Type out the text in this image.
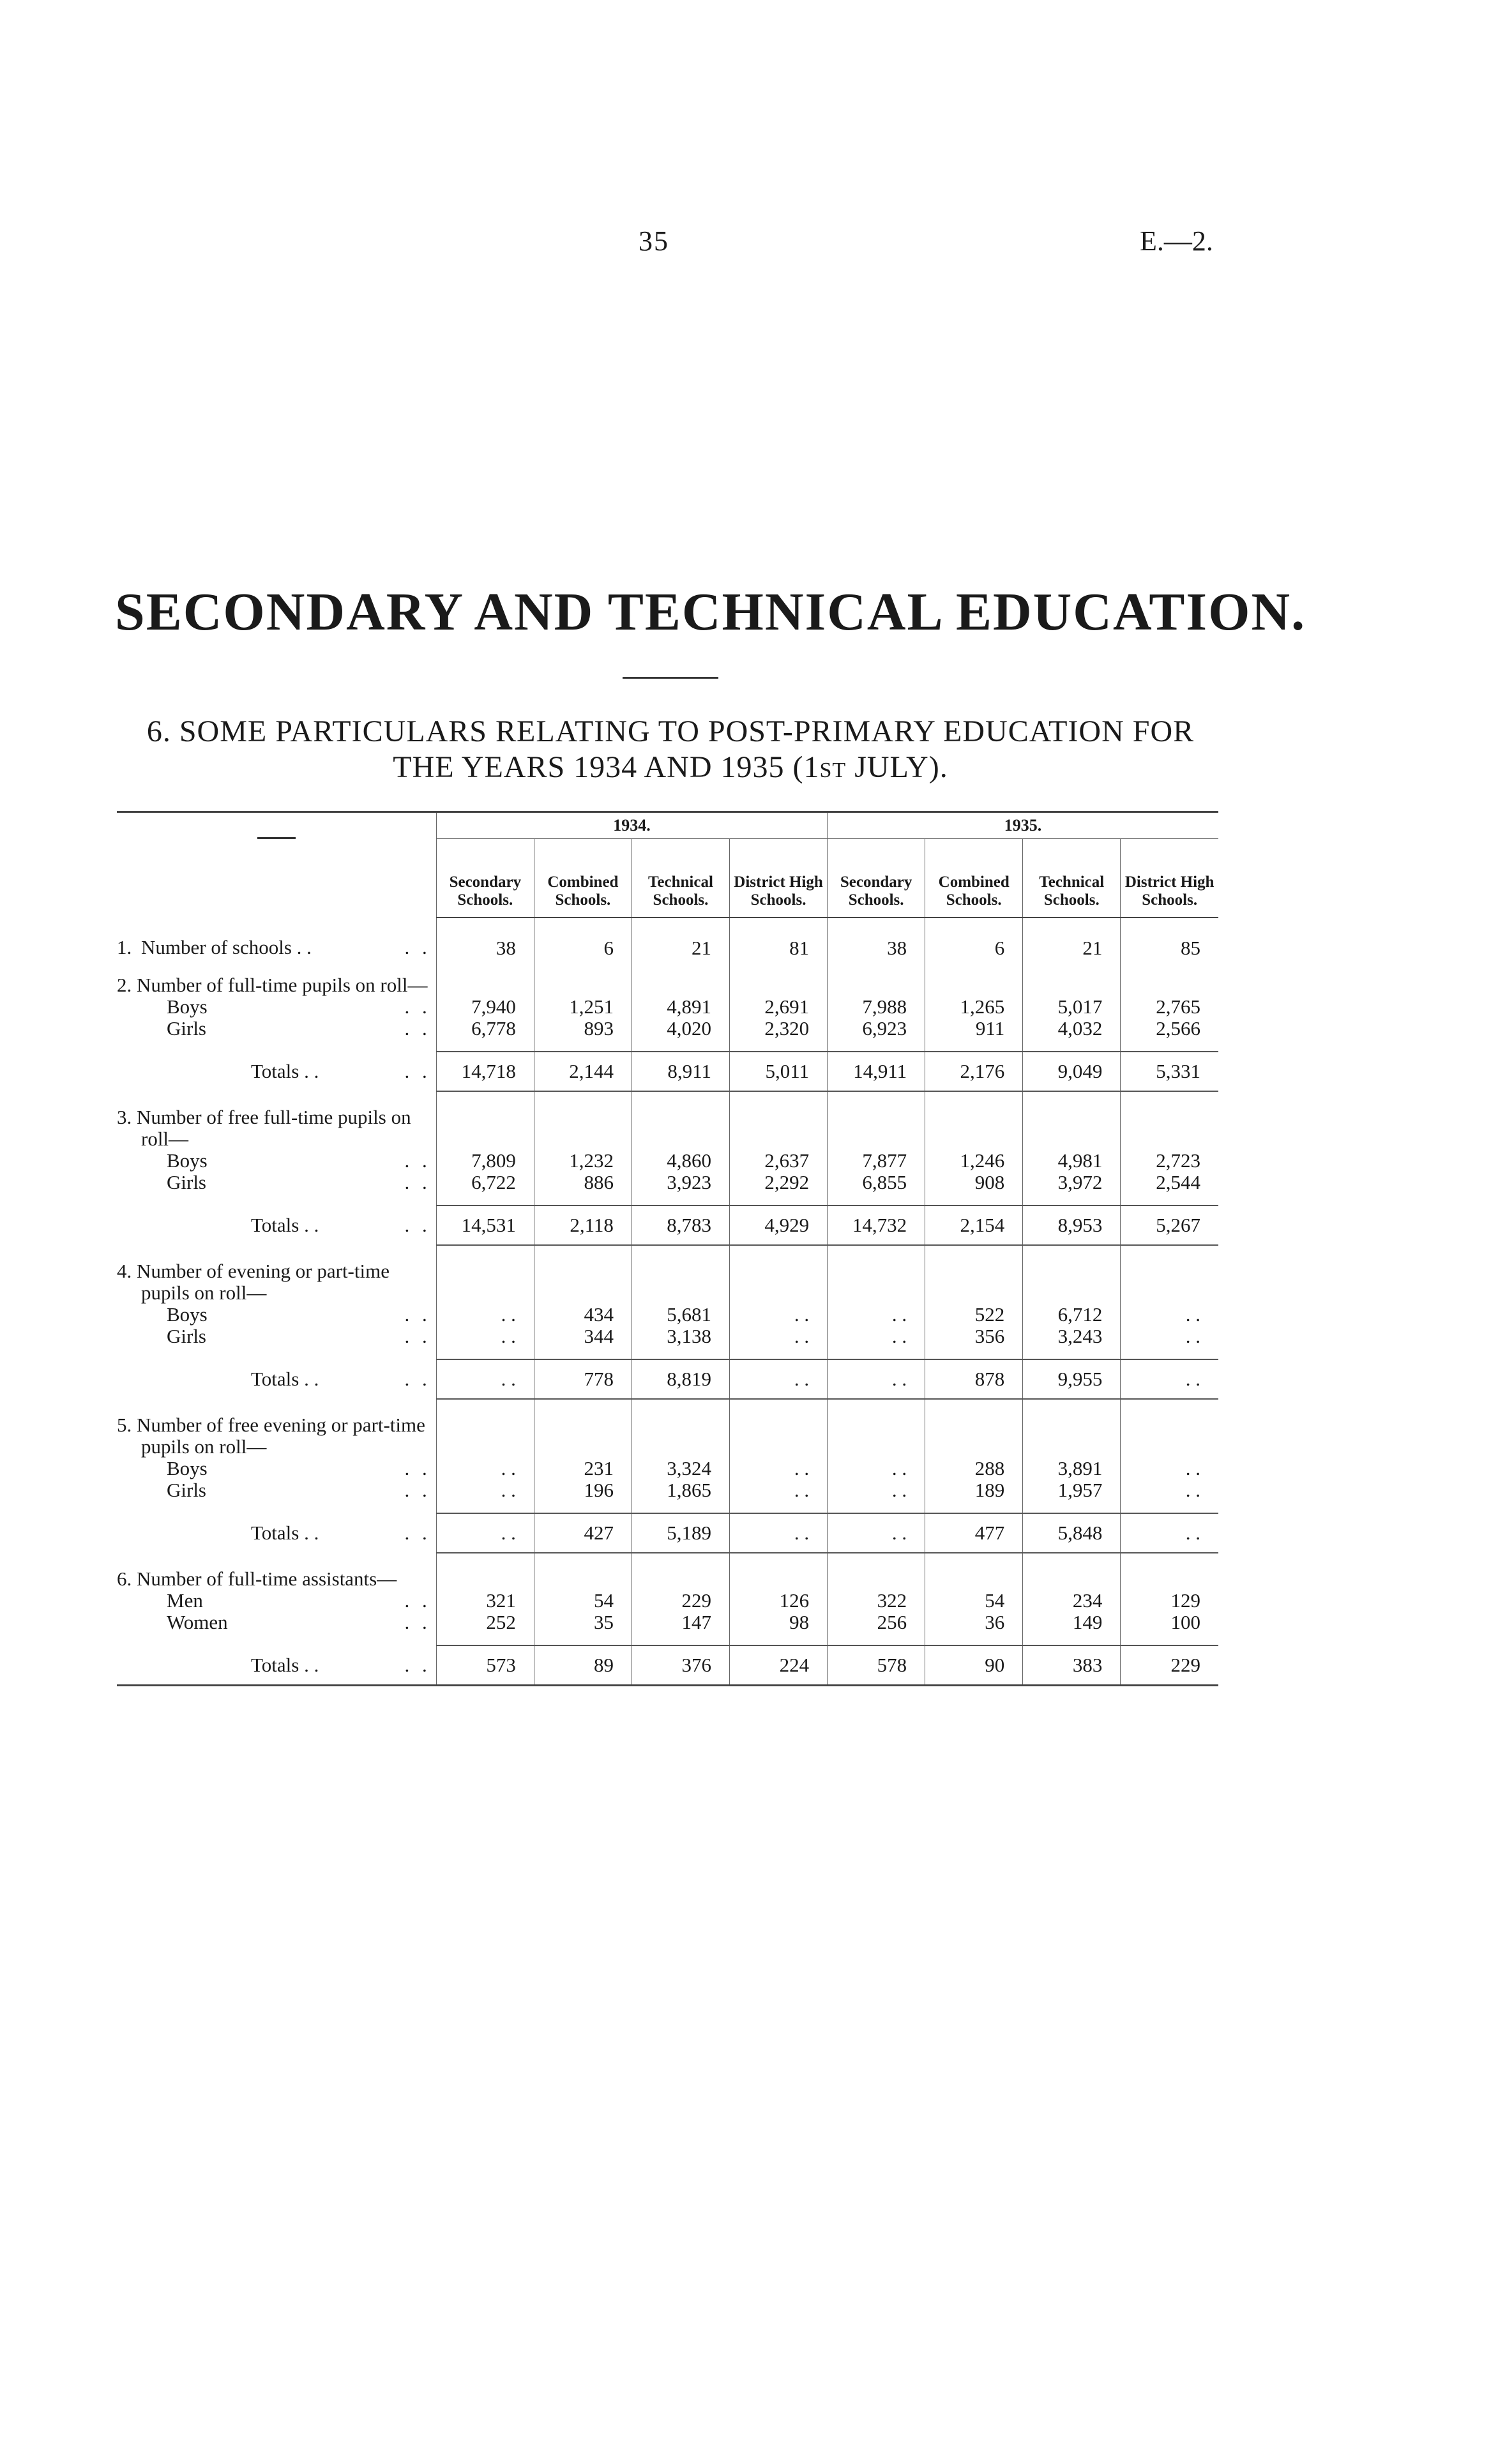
35	E.—2.
SECONDARY AND TECHNICAL EDUCATION.
6. SOME PARTICULARS RELATING TO POST-PRIMARY EDUCATION FOR
THE YEARS 1934 AND 1935 (1st JULY).

	1934.				1935.			
	Secondary Schools.	Combined Schools.	Technical Schools.	District High Schools.	Secondary Schools.	Combined Schools.	Technical Schools.	District High Schools.
1. Number of schools . . . .	38	6	21	81	38	6	21	85

2. Number of full-time pupils on roll—								

Boys . .	7,940	1,251	4,891	2,691	7,988	1,265	5,017	2,765
Girls . .	6,778	893	4,020	2,320	6,923	911	4,032	2,566

Totals . . . .	14,718	2,144	8,911	5,011	14,911	2,176	9,049	5,331

3. Number of free full-time pupils on roll—								

Boys . .	7,809	1,232	4,860	2,637	7,877	1,246	4,981	2,723
Girls . .	6,722	886	3,923	2,292	6,855	908	3,972	2,544

Totals . . . .	14,531	2,118	8,783	4,929	14,732	2,154	8,953	5,267

4. Number of evening or part-time pupils on roll—								

Boys . .	. .	434	5,681	. .	. .	522	6,712	. .
Girls . .	. .	344	3,138	. .	. .	356	3,243	. .

Totals . . . .	. .	778	8,819	. .	. .	878	9,955	. .

5. Number of free evening or part-time pupils on roll—								

Boys . .	. .	231	3,324	. .	. .	288	3,891	. .
Girls . .	. .	196	1,865	. .	. .	189	1,957	. .

Totals . . . .	. .	427	5,189	. .	. .	477	5,848	. .

6. Number of full-time assistants—								

Men . .	321	54	229	126	322	54	234	129
Women . .	252	35	147	98	256	36	149	100

Totals . . . .	573	89	376	224	578	90	383	229
